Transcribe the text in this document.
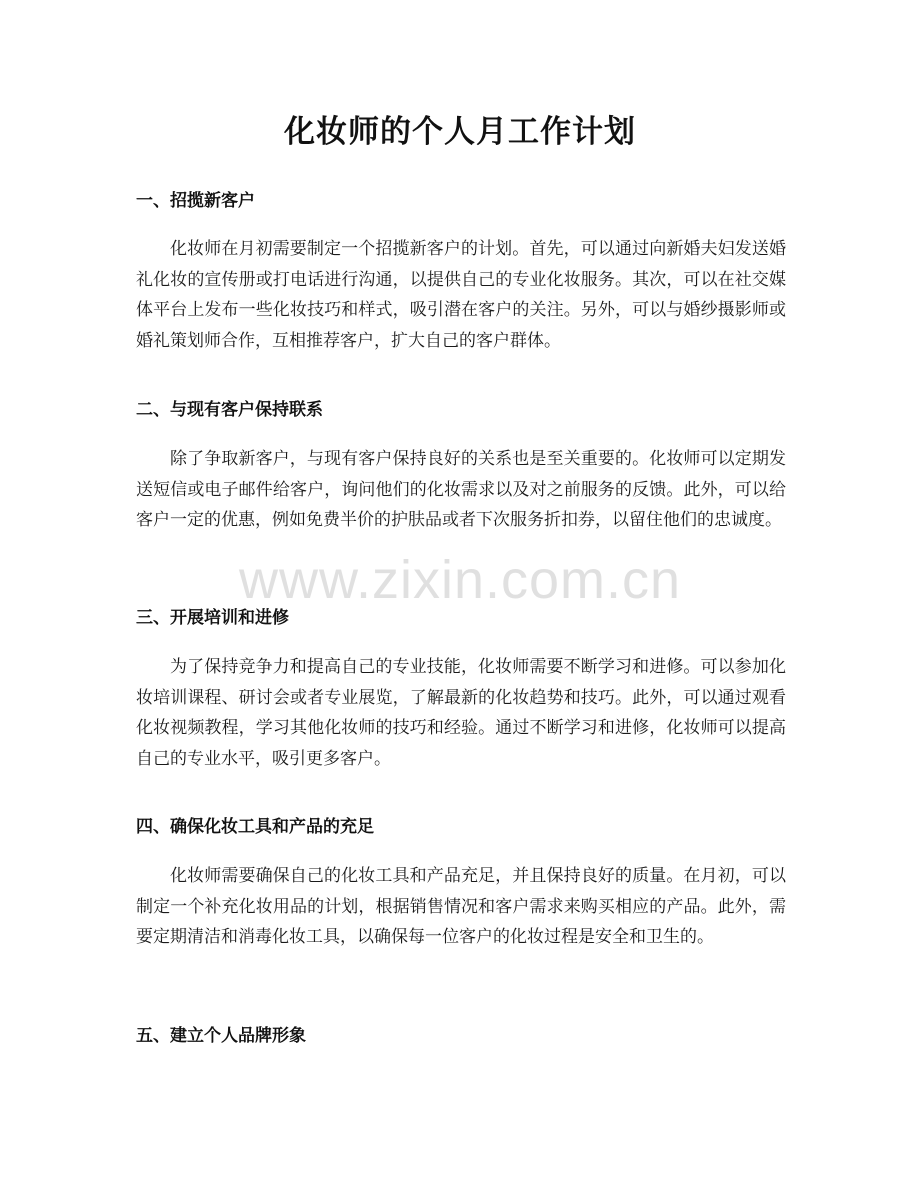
化妆师的个人月工作计划
一、招揽新客户

化妆师在月初需要制定一个招揽新客户的计划。首先，可以通过向新婚夫妇发送婚礼化妆的宣传册或打电话进行沟通，以提供自己的专业化妆服务。其次，可以在社交媒体平台上发布一些化妆技巧和样式，吸引潜在客户的关注。另外，可以与婚纱摄影师或婚礼策划师合作，互相推荐客户，扩大自己的客户群体。

二、与现有客户保持联系

除了争取新客户，与现有客户保持良好的关系也是至关重要的。化妆师可以定期发送短信或电子邮件给客户，询问他们的化妆需求以及对之前服务的反馈。此外，可以给客户一定的优惠，例如免费半价的护肤品或者下次服务折扣券，以留住他们的忠诚度。

三、开展培训和进修

为了保持竞争力和提高自己的专业技能，化妆师需要不断学习和进修。可以参加化妆培训课程、研讨会或者专业展览，了解最新的化妆趋势和技巧。此外，可以通过观看化妆视频教程，学习其他化妆师的技巧和经验。通过不断学习和进修，化妆师可以提高自己的专业水平，吸引更多客户。

四、确保化妆工具和产品的充足

化妆师需要确保自己的化妆工具和产品充足，并且保持良好的质量。在月初，可以制定一个补充化妆用品的计划，根据销售情况和客户需求来购买相应的产品。此外，需要定期清洁和消毒化妆工具，以确保每一位客户的化妆过程是安全和卫生的。

五、建立个人品牌形象
www.zixin.com.cn
